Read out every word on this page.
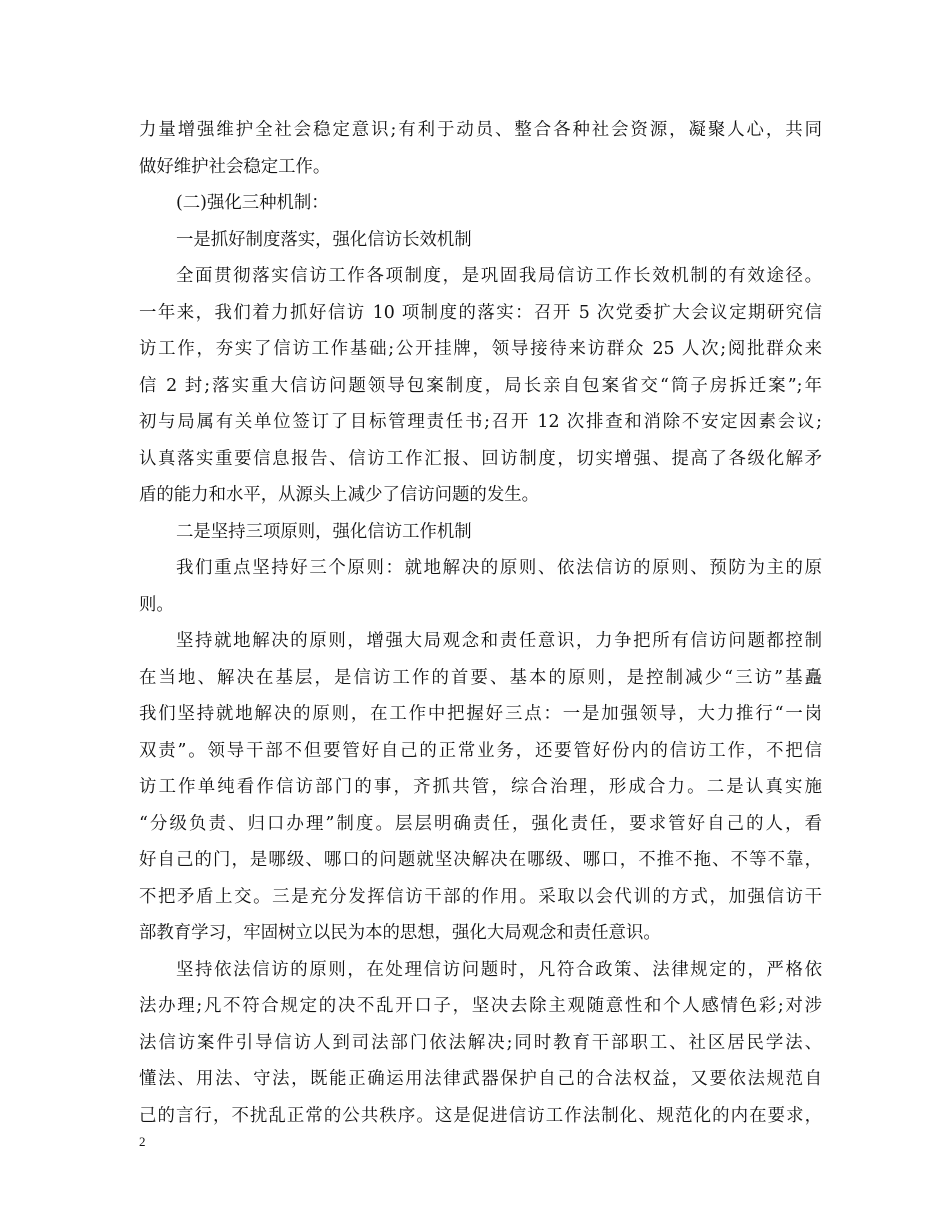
力量增强维护全社会稳定意识;有利于动员、整合各种社会资源，凝聚人心，共同
做好维护社会稳定工作。
(二)强化三种机制：
一是抓好制度落实，强化信访长效机制
全面贯彻落实信访工作各项制度，是巩固我局信访工作长效机制的有效途径。
一年来，我们着力抓好信访 10 项制度的落实：召开 5 次党委扩大会议定期研究信
访工作，夯实了信访工作基础;公开挂牌，领导接待来访群众 25 人次;阅批群众来
信 2 封;落实重大信访问题领导包案制度，局长亲自包案省交“筒子房拆迁案”;年
初与局属有关单位签订了目标管理责任书;召开 12 次排查和消除不安定因素会议;
认真落实重要信息报告、信访工作汇报、回访制度，切实增强、提高了各级化解矛
盾的能力和水平，从源头上减少了信访问题的发生。
二是坚持三项原则，强化信访工作机制
我们重点坚持好三个原则：就地解决的原则、依法信访的原则、预防为主的原
则。
坚持就地解决的原则，增强大局观念和责任意识，力争把所有信访问题都控制
在当地、解决在基层，是信访工作的首要、基本的原则，是控制减少“三访”基矗
我们坚持就地解决的原则，在工作中把握好三点：一是加强领导，大力推行“一岗
双责”。领导干部不但要管好自己的正常业务，还要管好份内的信访工作，不把信
访工作单纯看作信访部门的事，齐抓共管，综合治理，形成合力。二是认真实施
“分级负责、归口办理”制度。层层明确责任，强化责任，要求管好自己的人，看
好自己的门，是哪级、哪口的问题就坚决解决在哪级、哪口，不推不拖、不等不靠，
不把矛盾上交。三是充分发挥信访干部的作用。采取以会代训的方式，加强信访干
部教育学习，牢固树立以民为本的思想，强化大局观念和责任意识。
坚持依法信访的原则，在处理信访问题时，凡符合政策、法律规定的，严格依
法办理;凡不符合规定的决不乱开口子，坚决去除主观随意性和个人感情色彩;对涉
法信访案件引导信访人到司法部门依法解决;同时教育干部职工、社区居民学法、
懂法、用法、守法，既能正确运用法律武器保护自己的合法权益，又要依法规范自
己的言行，不扰乱正常的公共秩序。这是促进信访工作法制化、规范化的内在要求，
2
